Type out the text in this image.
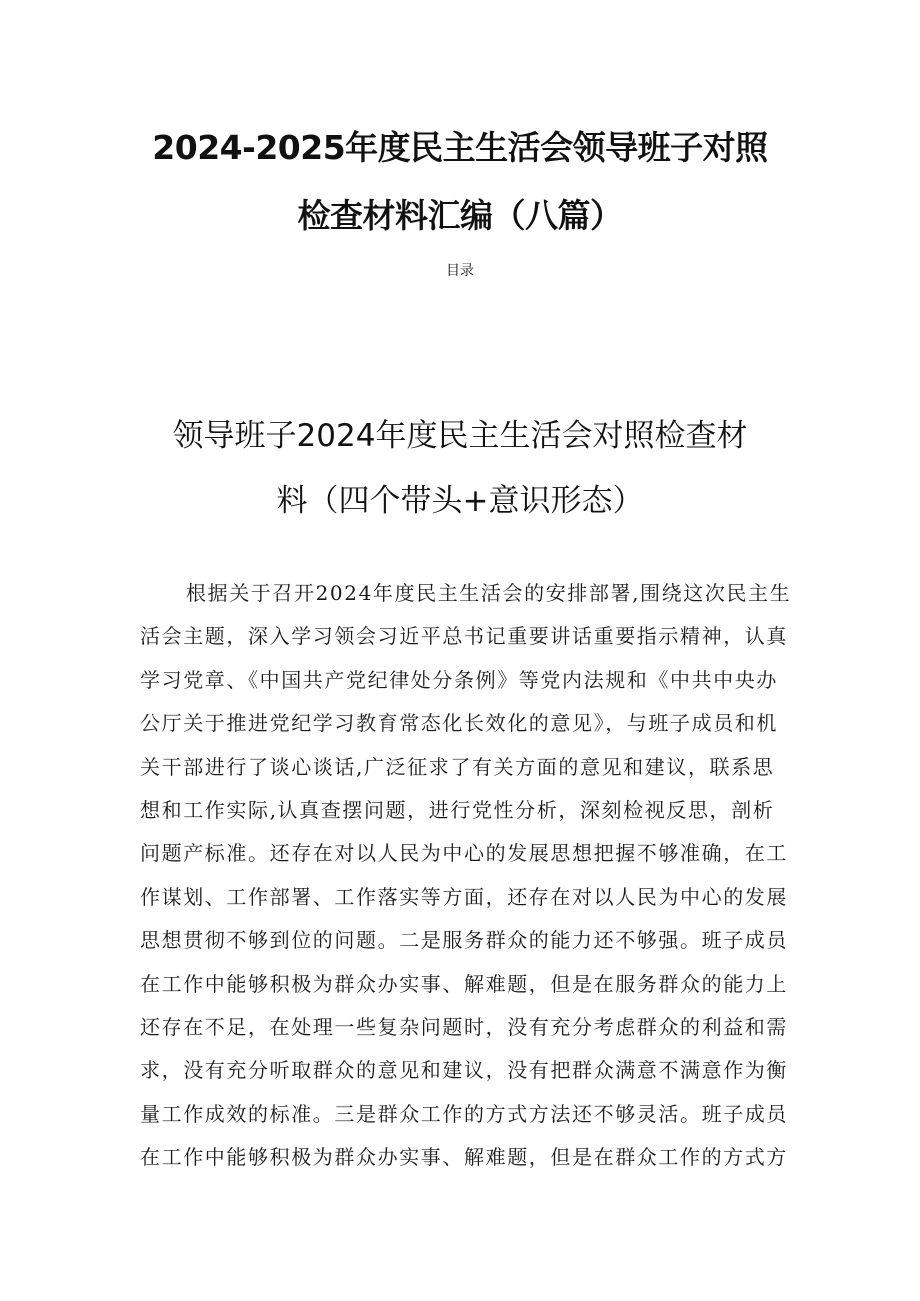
2024-2025年度民主生活会领导班子对照
检查材料汇编（八篇）
目录
领导班子2024年度民主生活会对照检查材
料（四个带头+意识形态）
根据关于召开2024年度民主生活会的安排部署,围绕这次民主生
活会主题，深入学习领会习近平总书记重要讲话重要指示精神，认真
学习党章、《中国共产党纪律处分条例》等党内法规和《中共中央办
公厅关于推进党纪学习教育常态化长效化的意见》，与班子成员和机
关干部进行了谈心谈话,广泛征求了有关方面的意见和建议，联系思
想和工作实际,认真查摆问题，进行党性分析，深刻检视反思，剖析
问题产标准。还存在对以人民为中心的发展思想把握不够准确，在工
作谋划、工作部署、工作落实等方面，还存在对以人民为中心的发展
思想贯彻不够到位的问题。二是服务群众的能力还不够强。班子成员
在工作中能够积极为群众办实事、解难题，但是在服务群众的能力上
还存在不足，在处理一些复杂问题时，没有充分考虑群众的利益和需
求，没有充分听取群众的意见和建议，没有把群众满意不满意作为衡
量工作成效的标准。三是群众工作的方式方法还不够灵活。班子成员
在工作中能够积极为群众办实事、解难题，但是在群众工作的方式方
